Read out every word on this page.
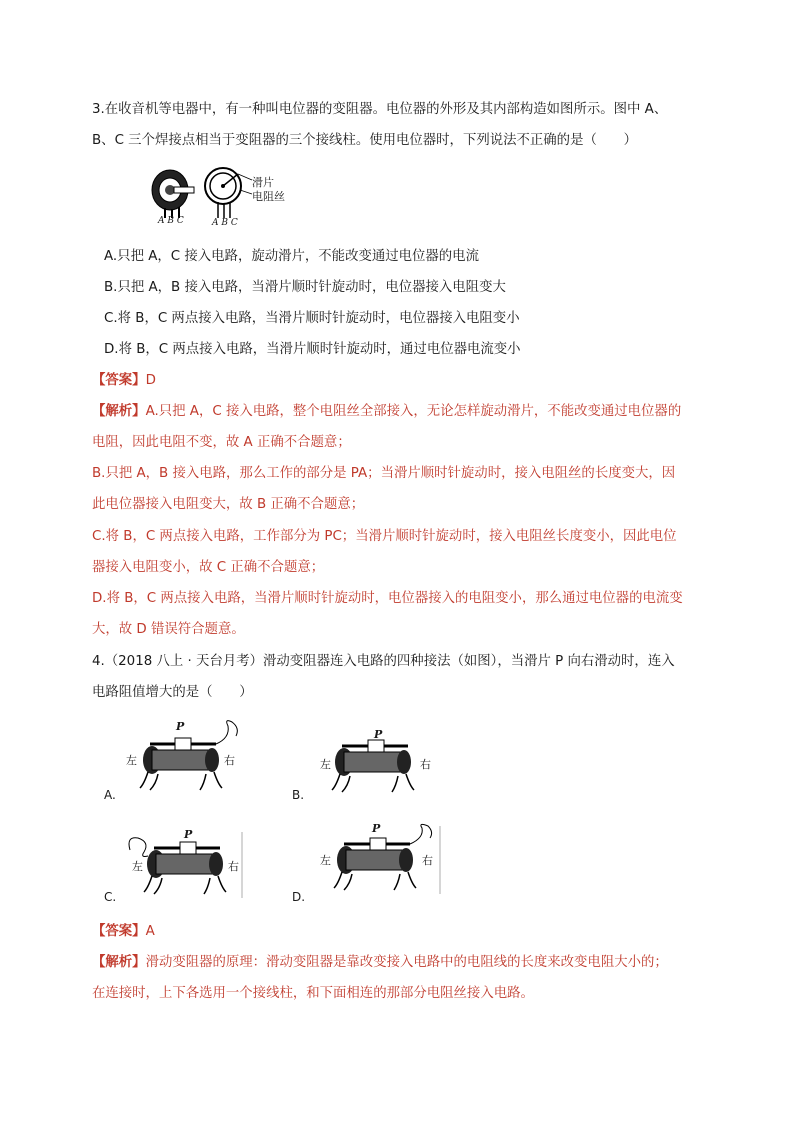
3.在收音机等电器中，有一种叫电位器的变阻器。电位器的外形及其内部构造如图所示。图中 A、
B、C 三个焊接点相当于变阻器的三个接线柱。使用电位器时，下列说法不正确的是（　　）
滑片
电阻丝
A B C	A B C
A.只把 A，C 接入电路，旋动滑片，不能改变通过电位器的电流
B.只把 A，B 接入电路，当滑片顺时针旋动时，电位器接入电阻变大
C.将 B，C 两点接入电路，当滑片顺时针旋动时，电位器接入电阻变小
D.将 B，C 两点接入电路，当滑片顺时针旋动时，通过电位器电流变小
【答案】D
【解析】A.只把 A，C 接入电路，整个电阻丝全部接入，无论怎样旋动滑片，不能改变通过电位器的
电阻，因此电阻不变，故 A 正确不合题意；
B.只把 A，B 接入电路，那么工作的部分是 PA；当滑片顺时针旋动时，接入电阻丝的长度变大，因
此电位器接入电阻变大，故 B 正确不合题意；
C.将 B，C 两点接入电路，工作部分为 PC；当滑片顺时针旋动时，接入电阻丝长度变小，因此电位
器接入电阻变小，故 C 正确不合题意；
D.将 B，C 两点接入电路，当滑片顺时针旋动时，电位器接入的电阻变小，那么通过电位器的电流变
大，故 D 错误符合题意。
4.（2018 八上 · 天台月考）滑动变阻器连入电路的四种接法（如图），当滑片 P 向右滑动时，连入
电路阻值增大的是（　　）
P
左	右
A.
P
左	右
B.
P
左	右
C.
P
左	右
D.
【答案】A
【解析】滑动变阻器的原理：滑动变阻器是靠改变接入电路中的电阻线的长度来改变电阻大小的；
在连接时，上下各选用一个接线柱，和下面相连的那部分电阻丝接入电路。
